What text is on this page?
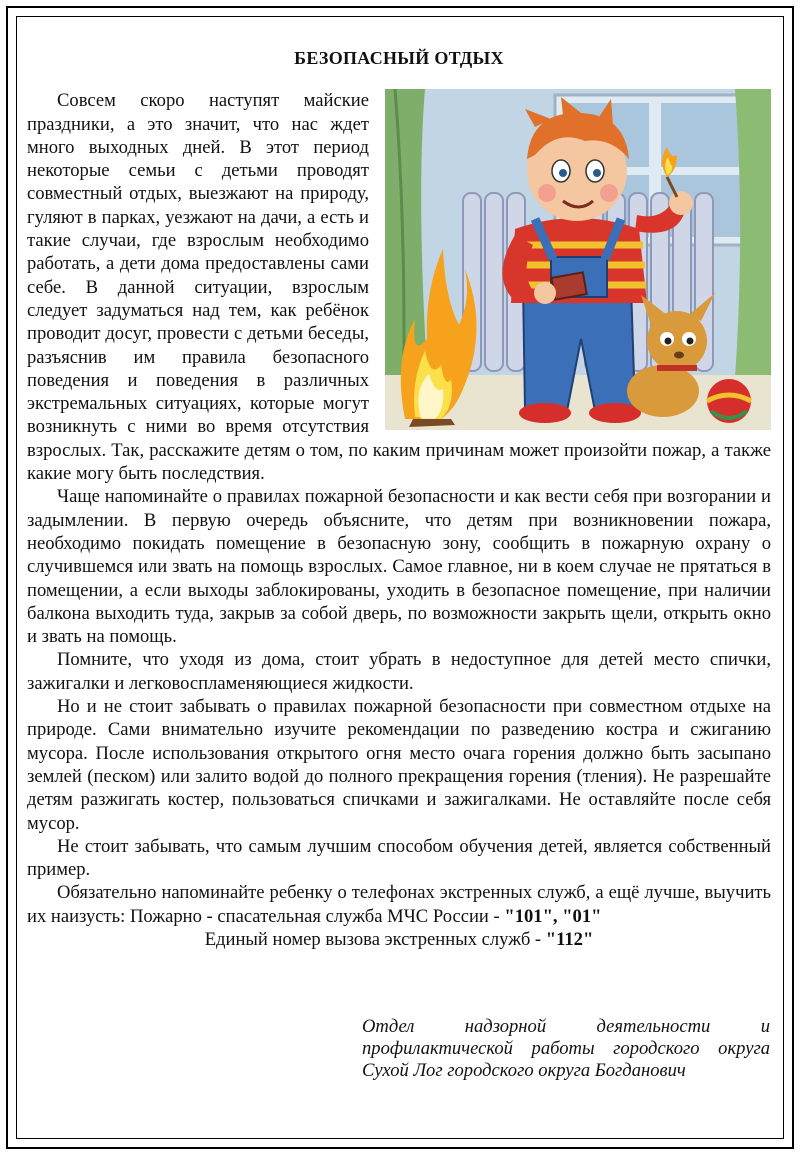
БЕЗОПАСНЫЙ ОТДЫХ

Совсем скоро наступят майские праздники, а это значит, что нас ждет много выходных дней. В этот период некоторые семьи с детьми проводят совместный отдых, выезжают на природу, гуляют в парках, уезжают на дачи, а есть и такие случаи, где взрослым необходимо работать, а дети дома предоставлены сами себе. В данной ситуации, взрослым следует задуматься над тем, как ребёнок проводит досуг, провести с детьми беседы, разъяснив им правила безопасного поведения и поведения в различных экстремальных ситуациях, которые могут возникнуть с ними во время отсутствия взрослых. Так, расскажите детям о том, по каким причинам может произойти пожар, а также какие могу быть последствия.

Чаще напоминайте о правилах пожарной безопасности и как вести себя при возгорании и задымлении. В первую очередь объясните, что детям при возникновении пожара, необходимо покидать помещение в безопасную зону, сообщить в пожарную охрану о случившемся или звать на помощь взрослых. Самое главное, ни в коем случае не прятаться в помещении, а если выходы заблокированы, уходить в безопасное помещение, при наличии балкона выходить туда, закрыв за собой дверь, по возможности закрыть щели, открыть окно и звать на помощь.

Помните, что уходя из дома, стоит убрать в недоступное для детей место спички, зажигалки и легковоспламеняющиеся жидкости.

Но и не стоит забывать о правилах пожарной безопасности при совместном отдыхе на природе. Сами внимательно изучите рекомендации по разведению костра и сжиганию мусора. После использования открытого огня место очага горения должно быть засыпано землей (песком) или залито водой до полного прекращения горения (тления). Не разрешайте детям разжигать костер, пользоваться спичками и зажигалками. Не оставляйте после себя мусор.

Не стоит забывать, что самым лучшим способом обучения детей, является собственный пример.

Обязательно напоминайте ребенку о телефонах экстренных служб, а ещё лучше, выучить их наизусть: Пожарно - спасательная служба МЧС России - "101", "01"

Единый номер вызова экстренных служб - "112"

Отдел надзорной деятельности и
профилактической работы городского округа
Сухой Лог городского округа Богданович
